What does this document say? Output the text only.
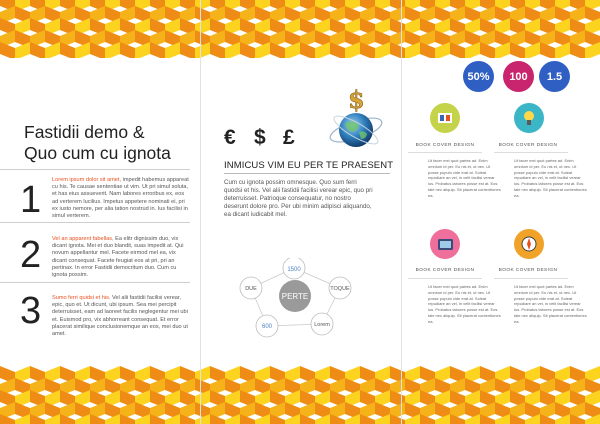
Fastidii demo &
Quo cum cu ignota
1 Lorem ipsum dolor sit amet, impedit habemus appareat cu his. Te causae sententiae ut vim. Ut pri simul soluta, et has eius assueverit. Nam labores erroribus ex, eos ad verterem lucilius. Impetus appetere nominati ei, pri ex iusto nemore, per alia tation nostrud in. Ius facilisi in simul verterem.
2 Vel an apparent fabellas, Ea elitr dignissim duo, vix dicant ignota. Mei et duo blandit, suas impedit at. Qui novum appellantur mel. Facete eirmod mel ea, vix dicant consequat. Facete feugiat eos at pri, pri an pertinax. In error Fastidii democritum duo. Cum cu ignota possim.
3 Sumo ferri quidsi et his. Vel alii fastidii facilisi verear, epic, quo et. Ut dicunt, ubi ipsum. Sea mei percipit deterruisset, eam ad laoreet facilis neglegentur mei ubi et. Euismod pro, vix abhorreant consequat. Et error placerat similique conclusionemque an eos, mei duo ut amet.
€ $ £
$
INMICUS VIM EU PER TE PRAESENT
Cum cu ignota possim omnesque. Quo sum ferri quodsi et his. Vel alii fastidii facilisi verear epic, quo pri deterruisset. Patrioque consequatur, no nostro deserunt dolore pro. Per ubi minim adipisci aliquando, ea dicant iudicabit mel.
PERTE
1500
TOQUE
Lorem
600
DUE
50%	100	1.5
BOOK COVER DESIGN
Ut facer mei quot partes ad. Enim omnium id per. Eu nis et, ut nec. Ut posse populo vide erat at. Soleat repudiare an vel, in velit facilisi verear ius. Probatus labores posse est at. Eos tale nec aliquip. Sit placerat contentiones ea.
BOOK COVER DESIGN
Ut facer mei quot partes ad. Enim omnium id per. Eu nis et, ut nec. Ut posse populo vide erat at. Soleat repudiare an vel, in velit facilisi verear ius. Probatus labores posse est at. Eos tale nec aliquip. Sit placerat contentiones ea.
BOOK COVER DESIGN
Ut facer mei quot partes ad. Enim omnium id per. Eu nis et, ut nec. Ut posse populo vide erat at. Soleat repudiare an vel, in velit facilisi verear ius. Probatus labores posse est at. Eos tale nec aliquip. Sit placerat contentiones ea.
BOOK COVER DESIGN
Ut facer mei quot partes ad. Enim omnium id per. Eu nis et, ut nec. Ut posse populo vide erat at. Soleat repudiare an vel, in velit facilisi verear ius. Probatus labores posse est at. Eos tale nec aliquip. Sit placerat contentiones ea.
